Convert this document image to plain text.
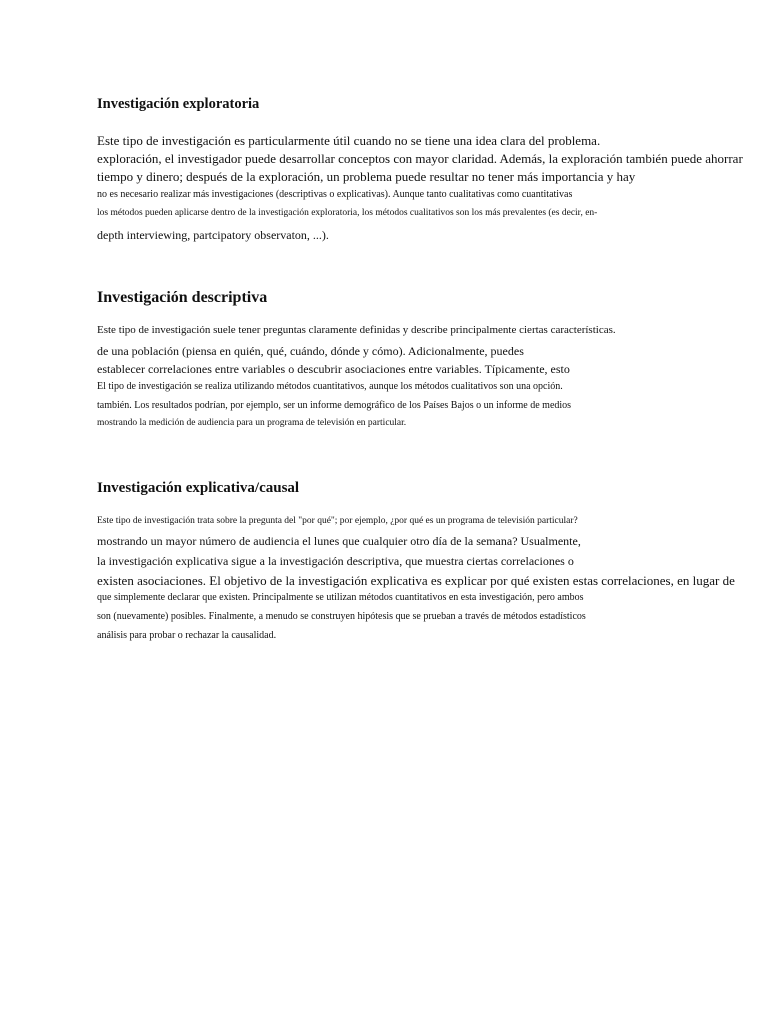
Investigación exploratoria
Este tipo de investigación es particularmente útil cuando no se tiene una idea clara del problema.
exploración, el investigador puede desarrollar conceptos con mayor claridad. Además, la exploración también puede ahorrar
tiempo y dinero; después de la exploración, un problema puede resultar no tener más importancia y hay
no es necesario realizar más investigaciones (descriptivas o explicativas). Aunque tanto cualitativas como cuantitativas
los métodos pueden aplicarse dentro de la investigación exploratoria, los métodos cualitativos son los más prevalentes (es decir, en-
depth interviewing, partcipatory observaton, ...).
Investigación descriptiva
Este tipo de investigación suele tener preguntas claramente definidas y describe principalmente ciertas características.
de una población (piensa en quién, qué, cuándo, dónde y cómo). Adicionalmente, puedes
establecer correlaciones entre variables o descubrir asociaciones entre variables. Típicamente, esto
El tipo de investigación se realiza utilizando métodos cuantitativos, aunque los métodos cualitativos son una opción.
también. Los resultados podrían, por ejemplo, ser un informe demográfico de los Países Bajos o un informe de medios
mostrando la medición de audiencia para un programa de televisión en particular.
Investigación explicativa/causal
Este tipo de investigación trata sobre la pregunta del "por qué"; por ejemplo, ¿por qué es un programa de televisión particular?
mostrando un mayor número de audiencia el lunes que cualquier otro día de la semana? Usualmente,
la investigación explicativa sigue a la investigación descriptiva, que muestra ciertas correlaciones o
existen asociaciones. El objetivo de la investigación explicativa es explicar por qué existen estas correlaciones, en lugar de
que simplemente declarar que existen. Principalmente se utilizan métodos cuantitativos en esta investigación, pero ambos
son (nuevamente) posibles. Finalmente, a menudo se construyen hipótesis que se prueban a través de métodos estadísticos
análisis para probar o rechazar la causalidad.
